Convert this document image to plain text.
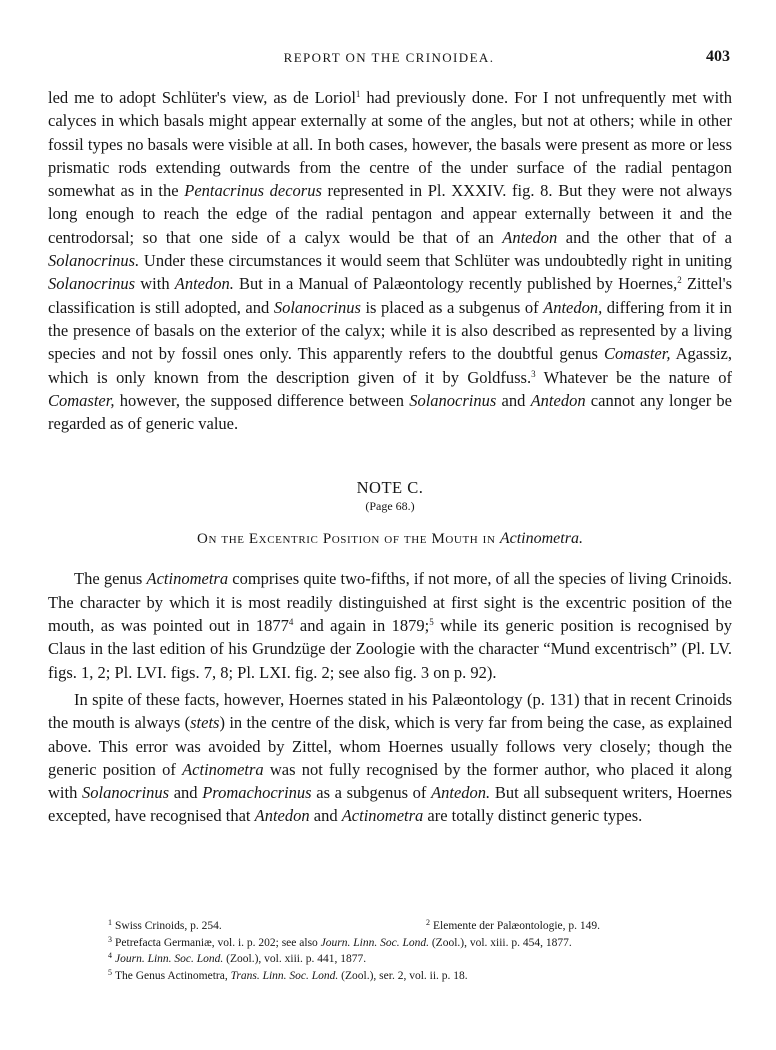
REPORT ON THE CRINOIDEA.	403

led me to adopt Schlüter's view, as de Loriol$^1$ had previously done. For I not unfrequently met with calyces in which basals might appear externally at some of the angles, but not at others; while in other fossil types no basals were visible at all. In both cases, however, the basals were present as more or less prismatic rods extending outwards from the centre of the under surface of the radial pentagon somewhat as in the Pentacrinus decorus represented in Pl. XXXIV. fig. 8. But they were not always long enough to reach the edge of the radial pentagon and appear externally between it and the centrodorsal; so that one side of a calyx would be that of an Antedon and the other that of a Solanocrinus. Under these circumstances it would seem that Schlüter was undoubtedly right in uniting Solanocrinus with Antedon. But in a Manual of Palæontology recently published by Hoernes,$^2$ Zittel's classification is still adopted, and Solanocrinus is placed as a subgenus of Antedon, differing from it in the presence of basals on the exterior of the calyx; while it is also described as represented by a living species and not by fossil ones only. This apparently refers to the doubtful genus Comaster, Agassiz, which is only known from the description given of it by Goldfuss.$^3$ Whatever be the nature of Comaster, however, the supposed difference between Solanocrinus and Antedon cannot any longer be regarded as of generic value.

NOTE C.

(Page 68.)

On the Excentric Position of the Mouth in Actinometra.

The genus Actinometra comprises quite two-fifths, if not more, of all the species of living Crinoids. The character by which it is most readily distinguished at first sight is the excentric position of the mouth, as was pointed out in 1877$^4$ and again in 1879;$^5$ while its generic position is recognised by Claus in the last edition of his Grundzüge der Zoologie with the character “Mund excentrisch” (Pl. LV. figs. 1, 2; Pl. LVI. figs. 7, 8; Pl. LXI. fig. 2; see also fig. 3 on p. 92).

In spite of these facts, however, Hoernes stated in his Palæontology (p. 131) that in recent Crinoids the mouth is always (stets) in the centre of the disk, which is very far from being the case, as explained above. This error was avoided by Zittel, whom Hoernes usually follows very closely; though the generic position of Actinometra was not fully recognised by the former author, who placed it along with Solanocrinus and Promachocrinus as a subgenus of Antedon. But all subsequent writers, Hoernes excepted, have recognised that Antedon and Actinometra are totally distinct generic types.

$^1$ Swiss Crinoids, p. 254.	$^2$ Elemente der Palæontologie, p. 149.

$^3$ Petrefacta Germaniæ, vol. i. p. 202; see also Journ. Linn. Soc. Lond. (Zool.), vol. xiii. p. 454, 1877.

$^4$ Journ. Linn. Soc. Lond. (Zool.), vol. xiii. p. 441, 1877.

$^5$ The Genus Actinometra, Trans. Linn. Soc. Lond. (Zool.), ser. 2, vol. ii. p. 18.
